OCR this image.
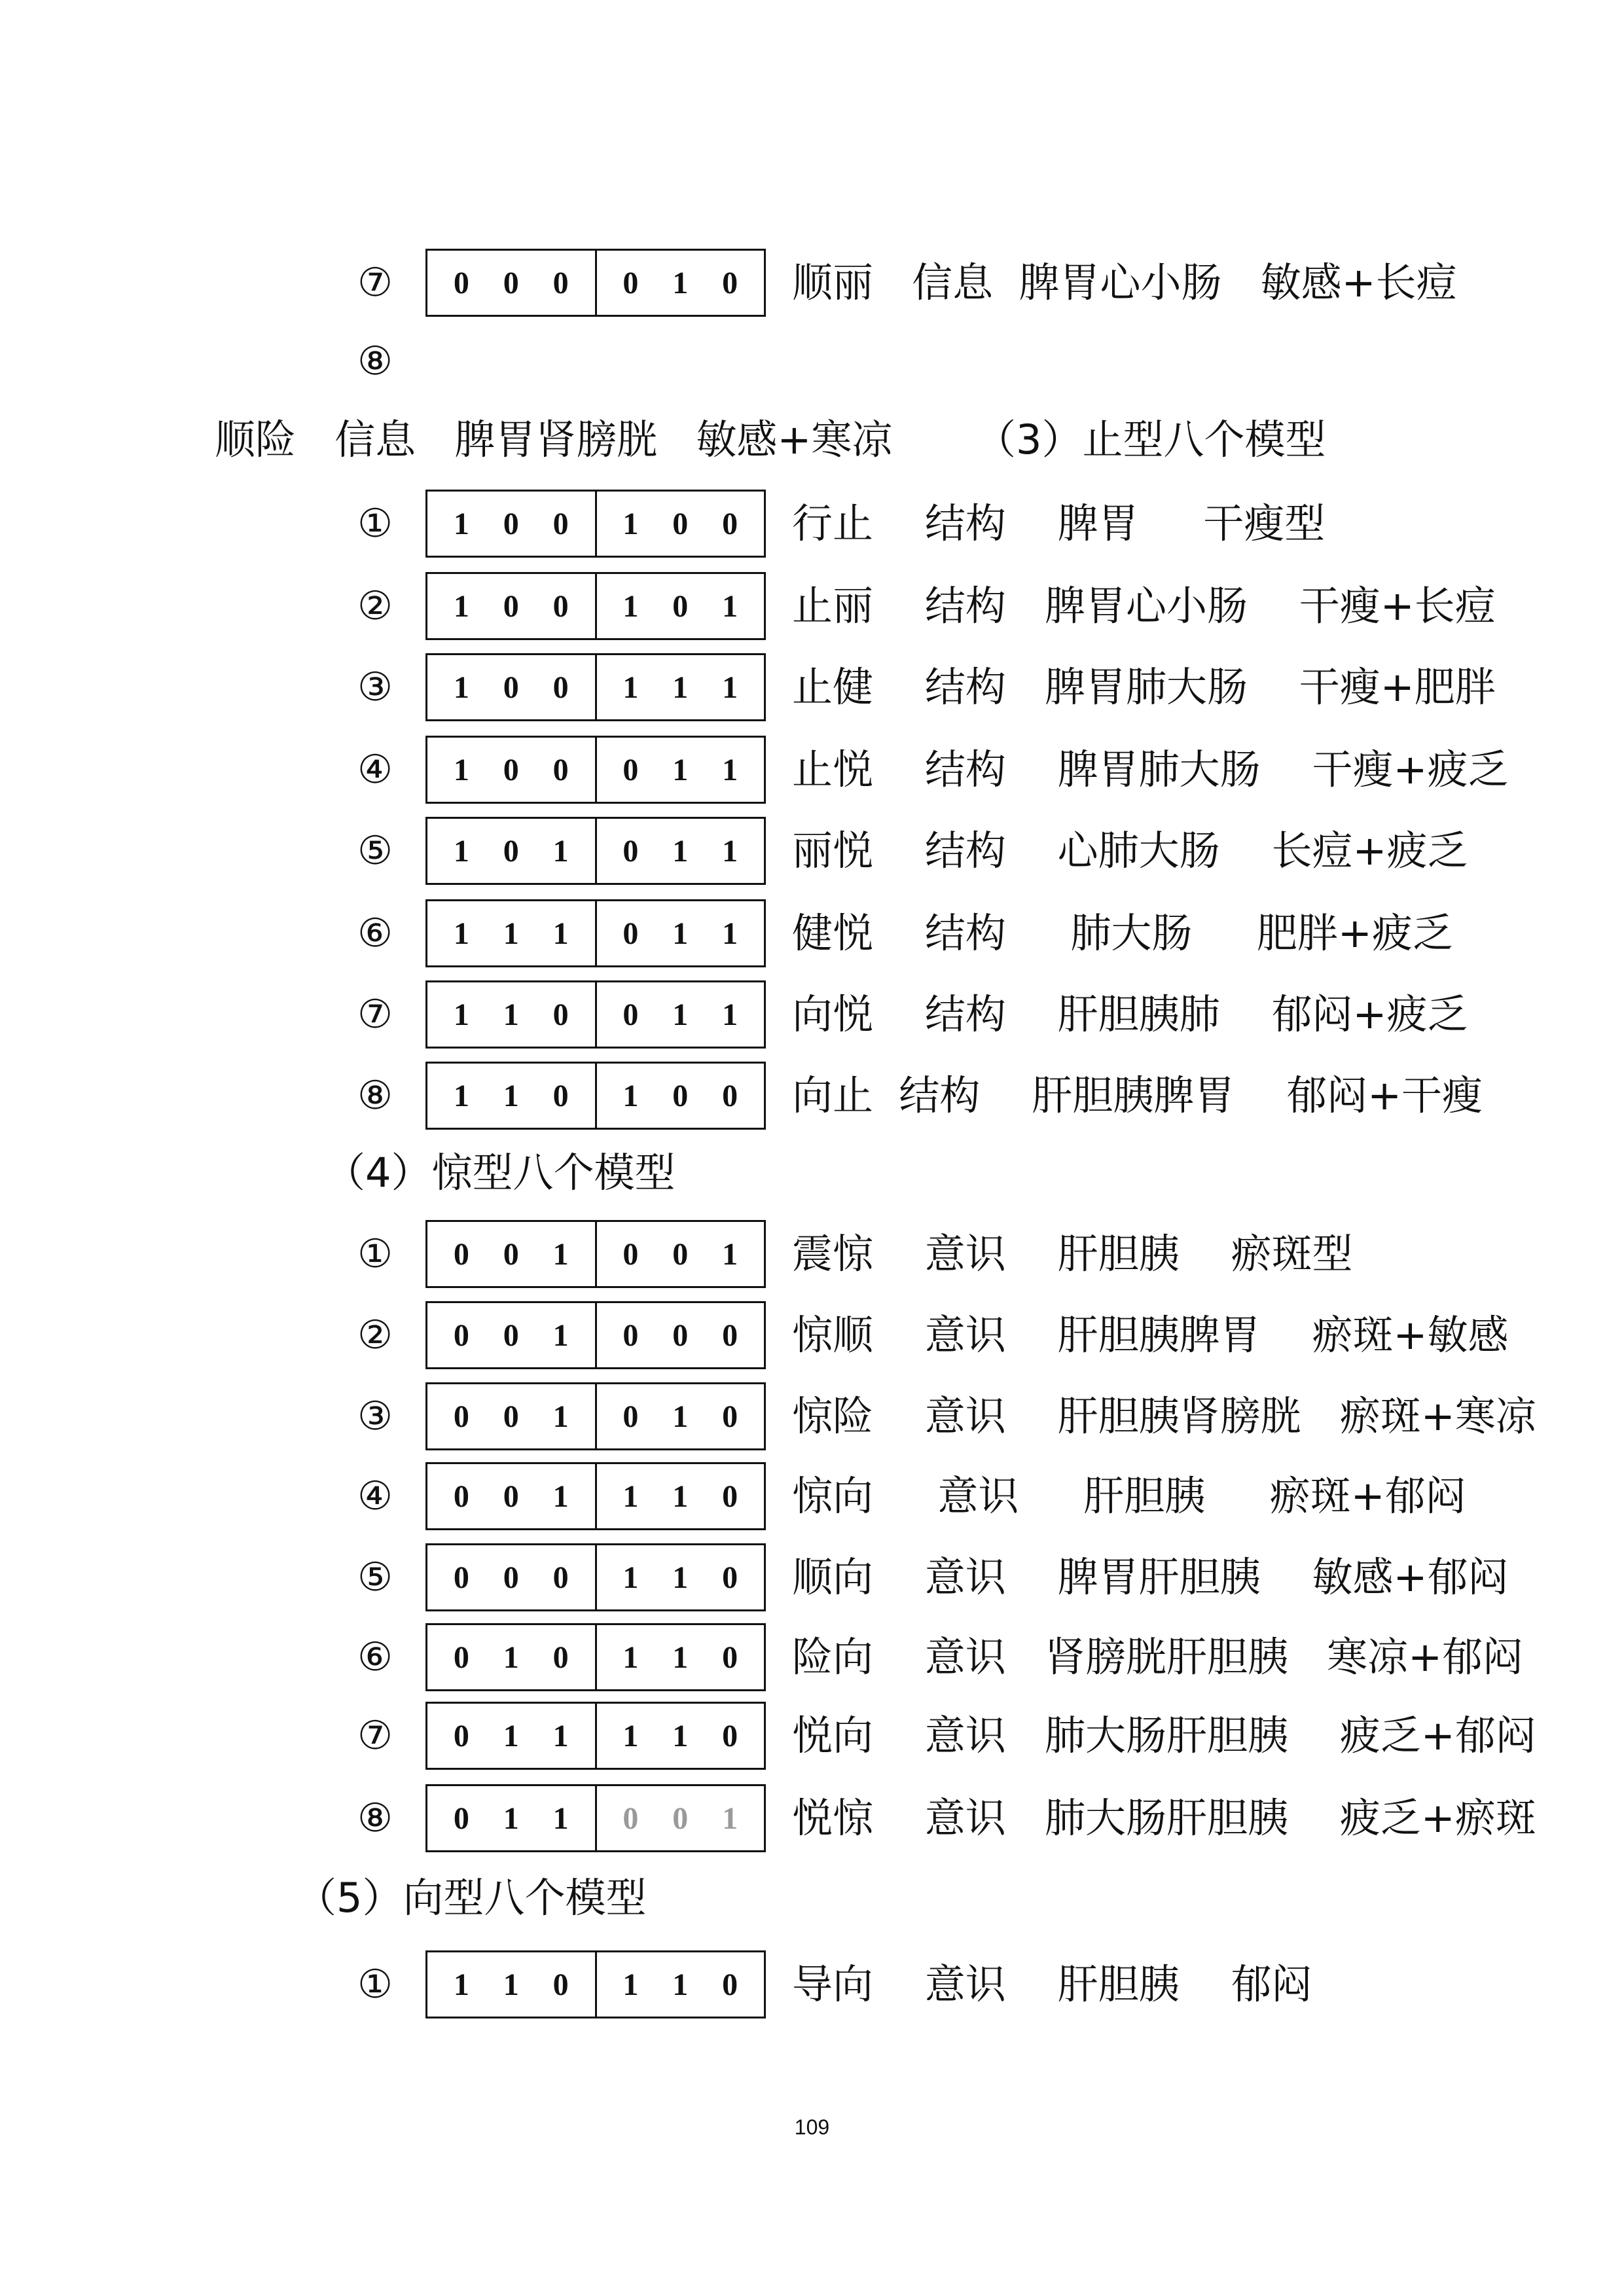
⑦	0 0 0 0 1 0 顺丽   信息  脾胃心小肠   敏感+长痘
⑧
顺险   信息   脾胃肾膀胱   敏感+寒凉 （3）止型八个模型
①	1 0 0 1 0 0 行止    结构    脾胃     干瘦型
②	1 0 0 1 0 1 止丽    结构   脾胃心小肠    干瘦+长痘
③	1 0 0 1 1 1 止健    结构   脾胃肺大肠    干瘦+肥胖
④	1 0 0 0 1 1 止悦    结构    脾胃肺大肠    干瘦+疲乏
⑤	1 0 1 0 1 1 丽悦    结构    心肺大肠    长痘+疲乏
⑥	1 1 1 0 1 1 健悦    结构     肺大肠     肥胖+疲乏
⑦	1 1 0 0 1 1 向悦    结构    肝胆胰肺    郁闷+疲乏
⑧	1 1 0 1 0 0 向止  结构    肝胆胰脾胃    郁闷+干瘦
（4）惊型八个模型
①	0 0 1 0 0 1 震惊    意识    肝胆胰    瘀斑型
②	0 0 1 0 0 0 惊顺    意识    肝胆胰脾胃    瘀斑+敏感
③	0 0 1 0 1 0 惊险    意识    肝胆胰肾膀胱   瘀斑+寒凉
④	0 0 1 1 1 0 惊向     意识     肝胆胰     瘀斑+郁闷
⑤	0 0 0 1 1 0 顺向    意识    脾胃肝胆胰    敏感+郁闷
⑥	0 1 0 1 1 0 险向    意识   肾膀胱肝胆胰   寒凉+郁闷
⑦	0 1 1 1 1 0 悦向    意识   肺大肠肝胆胰    疲乏+郁闷
⑧	0 1 1 0 0 1 悦惊    意识   肺大肠肝胆胰    疲乏+瘀斑
（5）向型八个模型
①	1 1 0 1 1 0 导向    意识    肝胆胰    郁闷
109
